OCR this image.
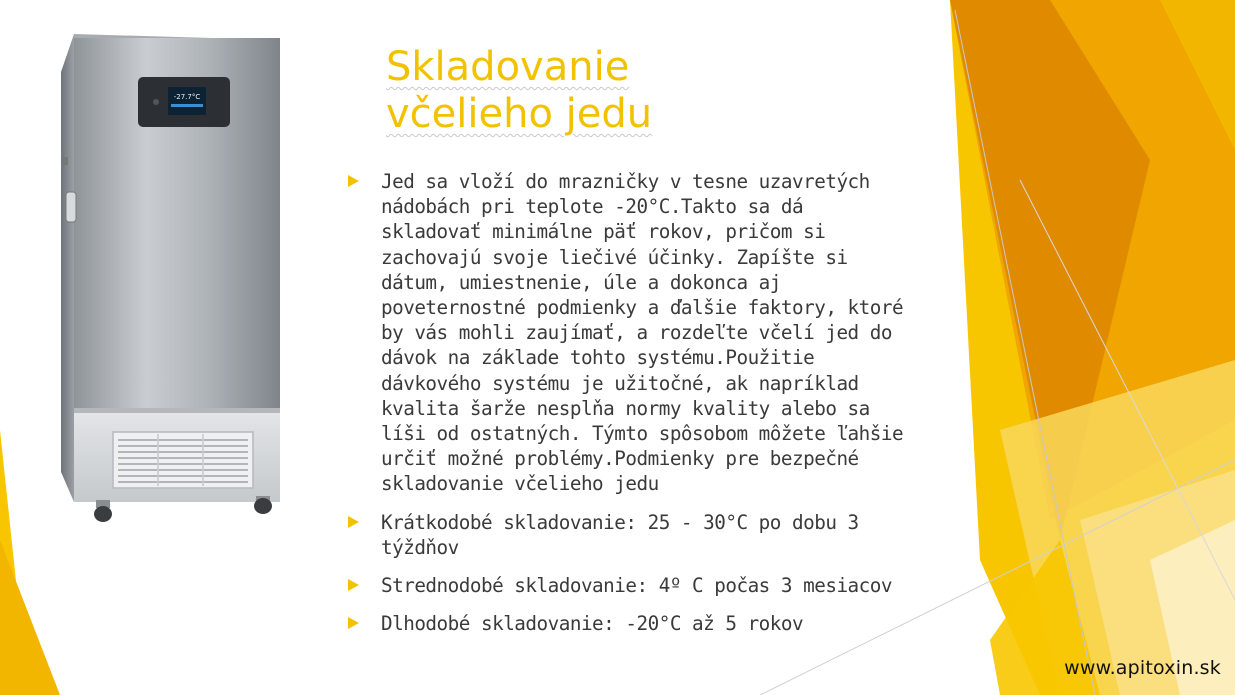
-27.7°C
Skladovanie
včelieho jedu
Jed sa vloží do mrazničky v tesne uzavretých nádobách pri teplote -20°C.Takto sa dá skladovať minimálne päť rokov, pričom si zachovajú svoje liečivé účinky. Zapíšte si dátum, umiestnenie, úle a dokonca aj poveternostné podmienky a ďalšie faktory, ktoré by vás mohli zaujímať, a rozdeľte včelí jed do dávok na základe tohto systému.Použitie dávkového systému je užitočné, ak napríklad kvalita šarže nesplňa normy kvality alebo sa líši od ostatných. Týmto spôsobom môžete ľahšie určiť možné problémy.Podmienky pre bezpečné skladovanie včelieho jedu
Krátkodobé skladovanie: 25 - 30°C po dobu 3 týždňov
Strednodobé skladovanie: 4º C počas 3 mesiacov
Dlhodobé skladovanie: -20°C až 5 rokov
www.apitoxin.sk
